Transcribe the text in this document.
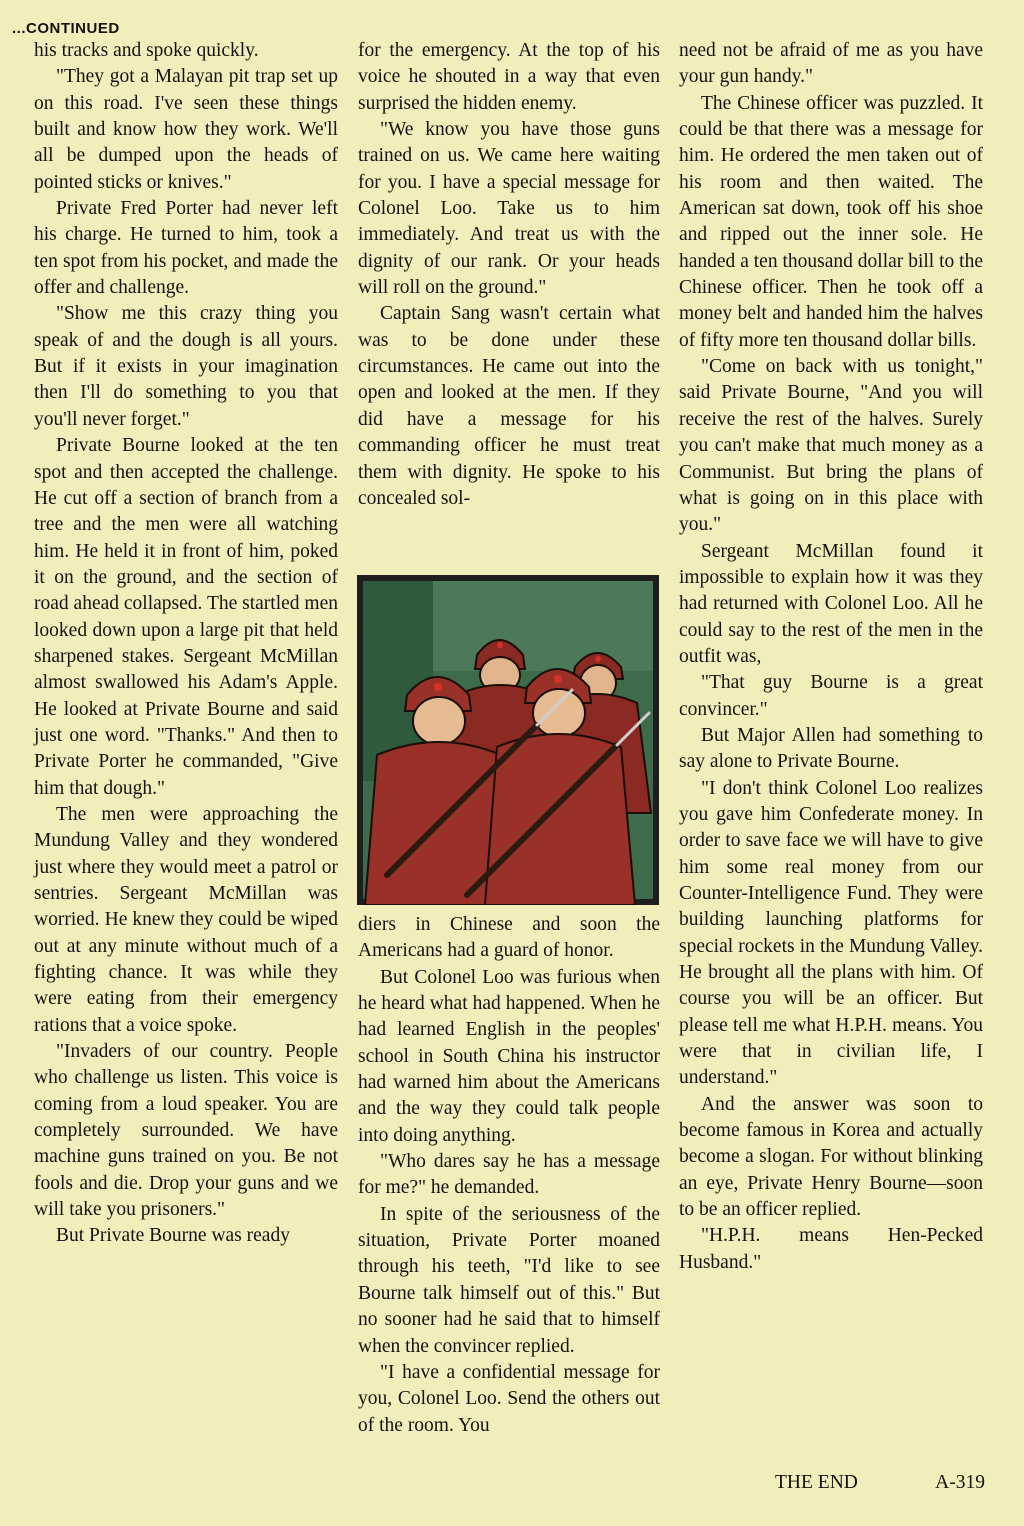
...CONTINUED

his tracks and spoke quickly.

"They got a Malayan pit trap set up on this road. I've seen these things built and know how they work. We'll all be dumped upon the heads of pointed sticks or knives."

Private Fred Porter had never left his charge. He turned to him, took a ten spot from his pocket, and made the offer and challenge.

"Show me this crazy thing you speak of and the dough is all yours. But if it exists in your imagination then I'll do something to you that you'll never forget."

Private Bourne looked at the ten spot and then accepted the challenge. He cut off a section of branch from a tree and the men were all watching him. He held it in front of him, poked it on the ground, and the section of road ahead collapsed. The startled men looked down upon a large pit that held sharpened stakes. Sergeant McMillan almost swallowed his Adam's Apple. He looked at Private Bourne and said just one word. "Thanks." And then to Private Porter he commanded, "Give him that dough."

The men were approaching the Mundung Valley and they wondered just where they would meet a patrol or sentries. Sergeant McMillan was worried. He knew they could be wiped out at any minute without much of a fighting chance. It was while they were eating from their emergency rations that a voice spoke.

"Invaders of our country. People who challenge us listen. This voice is coming from a loud speaker. You are completely surrounded. We have machine guns trained on you. Be not fools and die. Drop your guns and we will take you prisoners."

But Private Bourne was ready

for the emergency. At the top of his voice he shouted in a way that even surprised the hidden enemy.

"We know you have those guns trained on us. We came here waiting for you. I have a special message for Colonel Loo. Take us to him immediately. And treat us with the dignity of our rank. Or your heads will roll on the ground."

Captain Sang wasn't certain what was to be done under these circumstances. He came out into the open and looked at the men. If they did have a message for his commanding officer he must treat them with dignity. He spoke to his concealed sol-

diers in Chinese and soon the Americans had a guard of honor.

But Colonel Loo was furious when he heard what had happened. When he had learned English in the peoples' school in South China his instructor had warned him about the Americans and the way they could talk people into doing anything.

"Who dares say he has a message for me?" he demanded.

In spite of the seriousness of the situation, Private Porter moaned through his teeth, "I'd like to see Bourne talk himself out of this." But no sooner had he said that to himself when the convincer replied.

"I have a confidential message for you, Colonel Loo. Send the others out of the room. You

need not be afraid of me as you have your gun handy."

The Chinese officer was puzzled. It could be that there was a message for him. He ordered the men taken out of his room and then waited. The American sat down, took off his shoe and ripped out the inner sole. He handed a ten thousand dollar bill to the Chinese officer. Then he took off a money belt and handed him the halves of fifty more ten thousand dollar bills.

"Come on back with us tonight," said Private Bourne, "And you will receive the rest of the halves. Surely you can't make that much money as a Communist. But bring the plans of what is going on in this place with you."

Sergeant McMillan found it impossible to explain how it was they had returned with Colonel Loo. All he could say to the rest of the men in the outfit was,

"That guy Bourne is a great convincer."

But Major Allen had something to say alone to Private Bourne.

"I don't think Colonel Loo realizes you gave him Confederate money. In order to save face we will have to give him some real money from our Counter-Intelligence Fund. They were building launching platforms for special rockets in the Mundung Valley. He brought all the plans with him. Of course you will be an officer. But please tell me what H.P.H. means. You were that in civilian life, I understand."

And the answer was soon to become famous in Korea and actually become a slogan. For without blinking an eye, Private Henry Bourne—soon to be an officer replied.

"H.P.H. means Hen-Pecked Husband."

THE END	A-319
